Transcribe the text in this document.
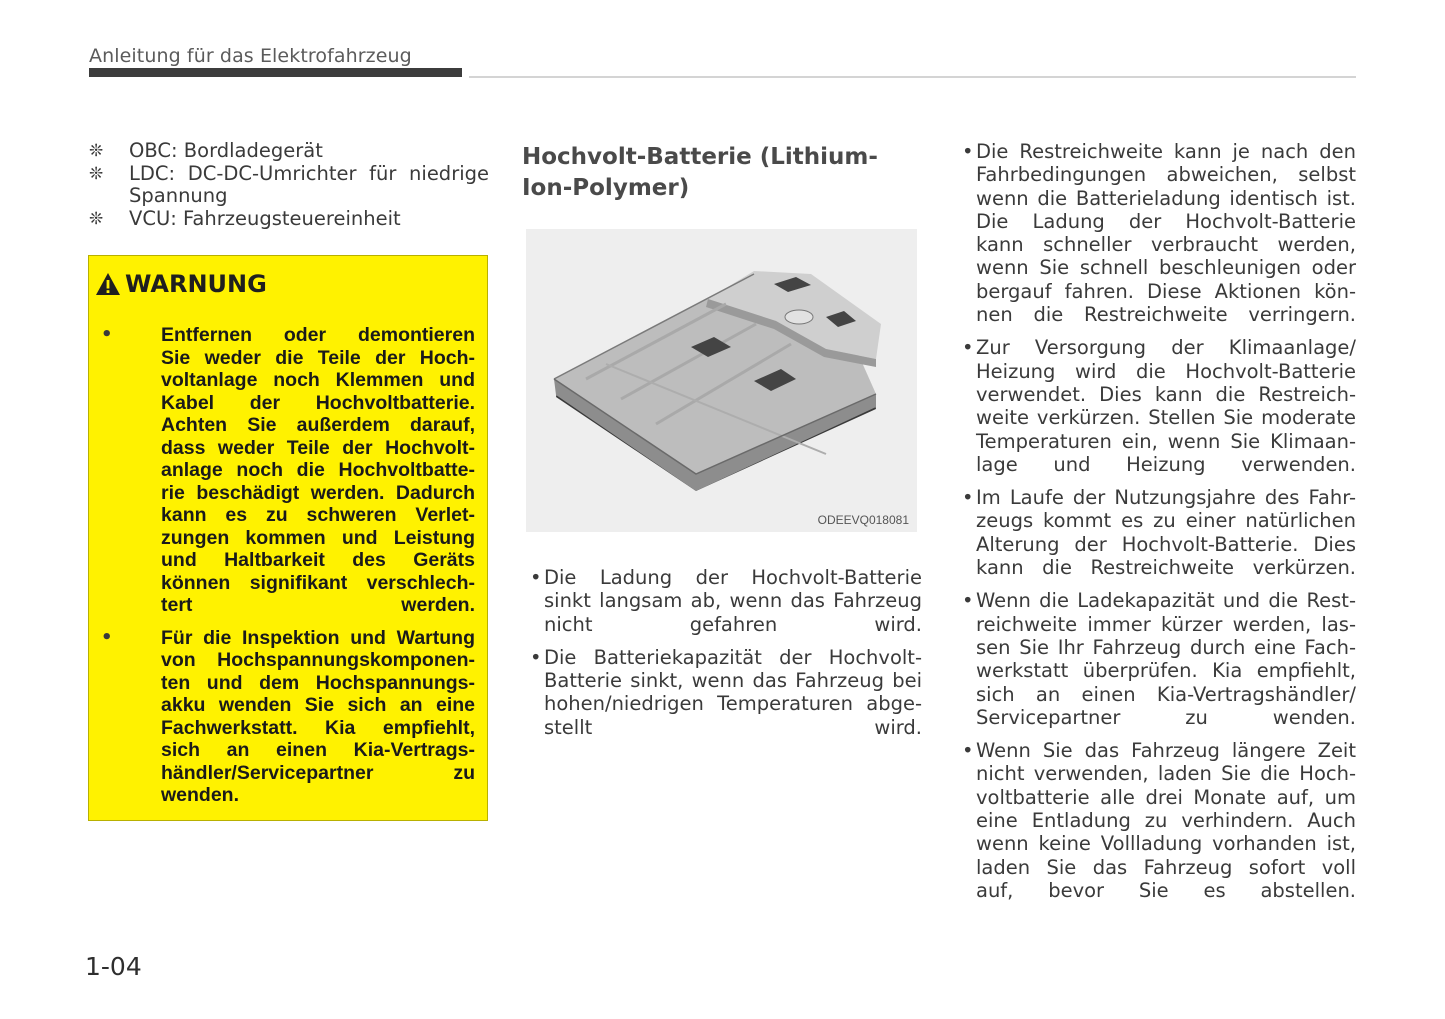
Anleitung für das Elektrofahrzeug
❊	OBC: Bordladegerät
❊	LDC: DC-DC-Umrichter für niedrige Spannung
❊	VCU: Fahrzeugsteuereinheit
WARNUNG
•	Entfernen oder demontieren
Sie weder die Teile der Hoch-
voltanlage noch Klemmen und
Kabel der Hochvoltbatterie.
Achten Sie außerdem darauf,
dass weder Teile der Hochvolt-
anlage noch die Hochvoltbatte-
rie beschädigt werden. Dadurch
kann es zu schweren Verlet-
zungen kommen und Leistung
und Haltbarkeit des Geräts
können signifikant verschlech-
tert werden.
•	Für die Inspektion und Wartung
von Hochspannungskomponen-
ten und dem Hochspannungs-
akku wenden Sie sich an eine
Fachwerkstatt. Kia empfiehlt,
sich an einen Kia-Vertrags-
händler/Servicepartner zu
wenden.
Hochvolt-Batterie (Lithium-Ion-Polymer)
ODEEVQ018081
• Die Ladung der Hochvolt-Batterie
sinkt langsam ab, wenn das Fahrzeug
nicht gefahren wird.
• Die Batteriekapazität der Hochvolt-
Batterie sinkt, wenn das Fahrzeug bei
hohen/niedrigen Temperaturen abge-
stellt wird.
• Die Restreichweite kann je nach den
Fahrbedingungen abweichen, selbst
wenn die Batterieladung identisch ist.
Die Ladung der Hochvolt-Batterie
kann schneller verbraucht werden,
wenn Sie schnell beschleunigen oder
bergauf fahren. Diese Aktionen kön-
nen die Restreichweite verringern.
• Zur Versorgung der Klimaanlage/
Heizung wird die Hochvolt-Batterie
verwendet. Dies kann die Restreich-
weite verkürzen. Stellen Sie moderate
Temperaturen ein, wenn Sie Klimaan-
lage und Heizung verwenden.
• Im Laufe der Nutzungsjahre des Fahr-
zeugs kommt es zu einer natürlichen
Alterung der Hochvolt-Batterie. Dies
kann die Restreichweite verkürzen.
• Wenn die Ladekapazität und die Rest-
reichweite immer kürzer werden, las-
sen Sie Ihr Fahrzeug durch eine Fach-
werkstatt überprüfen. Kia empfiehlt,
sich an einen Kia-Vertragshändler/
Servicepartner zu wenden.
• Wenn Sie das Fahrzeug längere Zeit
nicht verwenden, laden Sie die Hoch-
voltbatterie alle drei Monate auf, um
eine Entladung zu verhindern. Auch
wenn keine Vollladung vorhanden ist,
laden Sie das Fahrzeug sofort voll
auf, bevor Sie es abstellen.
1-04
